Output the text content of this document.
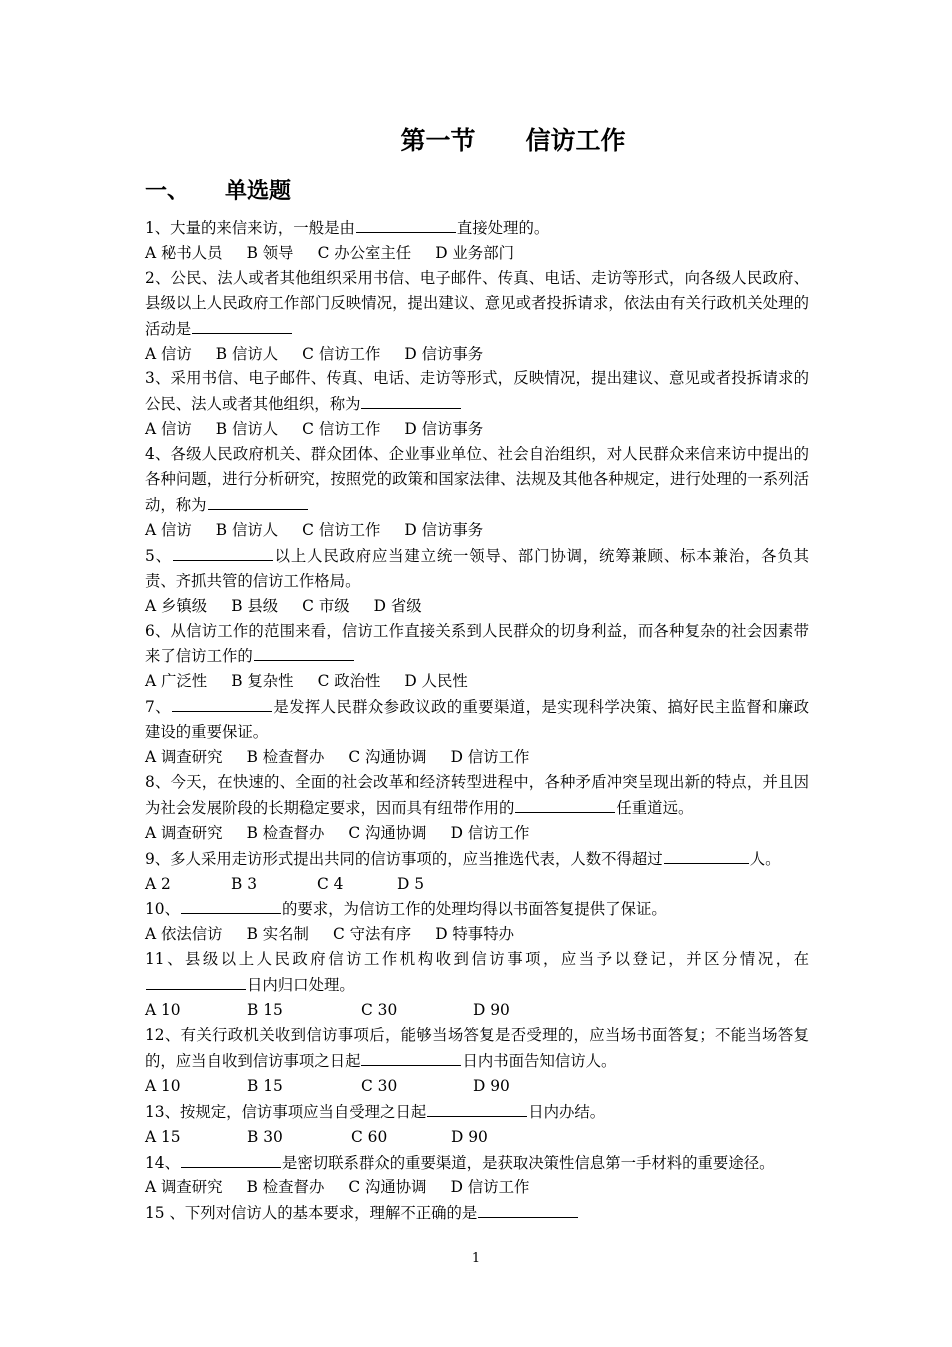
第一节 信访工作
一、 单选题
1、大量的来信来访，一般是由	直接处理的。
A 秘书人员 B 领导 C 办公室主任 D 业务部门
2、公民、法人或者其他组织采用书信、电子邮件、传真、电话、走访等形式，向各级人民政府、县级以上人民政府工作部门反映情况，提出建议、意见或者投拆请求，依法由有关行政机关处理的活动是
A 信访 B 信访人 C 信访工作 D 信访事务
3、采用书信、电子邮件、传真、电话、走访等形式，反映情况，提出建议、意见或者投拆请求的公民、法人或者其他组织，称为
A 信访 B 信访人 C 信访工作 D 信访事务
4、各级人民政府机关、群众团体、企业事业单位、社会自治组织，对人民群众来信来访中提出的各种问题，进行分析研究，按照党的政策和国家法律、法规及其他各种规定，进行处理的一系列活动，称为
A 信访 B 信访人 C 信访工作 D 信访事务
5、	以上人民政府应当建立统一领导、部门协调，统筹兼顾、标本兼治，各负其责、齐抓共管的信访工作格局。
A 乡镇级 B 县级 C 市级 D 省级
6、从信访工作的范围来看，信访工作直接关系到人民群众的切身利益，而各种复杂的社会因素带来了信访工作的
A 广泛性 B 复杂性 C 政治性 D 人民性
7、	是发挥人民群众参政议政的重要渠道，是实现科学决策、搞好民主监督和廉政建设的重要保证。
A 调查研究 B 检查督办 C 沟通协调 D 信访工作
8、今天，在快速的、全面的社会改革和经济转型进程中，各种矛盾冲突呈现出新的特点，并且因为社会发展阶段的长期稳定要求，因而具有纽带作用的	任重道远。
A 调查研究 B 检查督办 C 沟通协调 D 信访工作
9、多人采用走访形式提出共同的信访事项的，应当推选代表，人数不得超过	人。
A 2	B 3	C 4	D 5
10、	的要求，为信访工作的处理均得以书面答复提供了保证。
A 依法信访 B 实名制 C 守法有序 D 特事特办
11、县级以上人民政府信访工作机构收到信访事项，应当予以登记，并区分情况，在日内归口处理。
A 10	B 15	C 30	D 90
12、有关行政机关收到信访事项后，能够当场答复是否受理的，应当场书面答复；不能当场答复的，应当自收到信访事项之日起	日内书面告知信访人。
A 10	B 15	C 30	D 90
13、按规定，信访事项应当自受理之日起	日内办结。
A 15	B 30	C 60	D 90
14、	是密切联系群众的重要渠道，是获取决策性信息第一手材料的重要途径。
A 调查研究 B 检查督办 C 沟通协调 D 信访工作
15 、下列对信访人的基本要求，理解不正确的是
1
